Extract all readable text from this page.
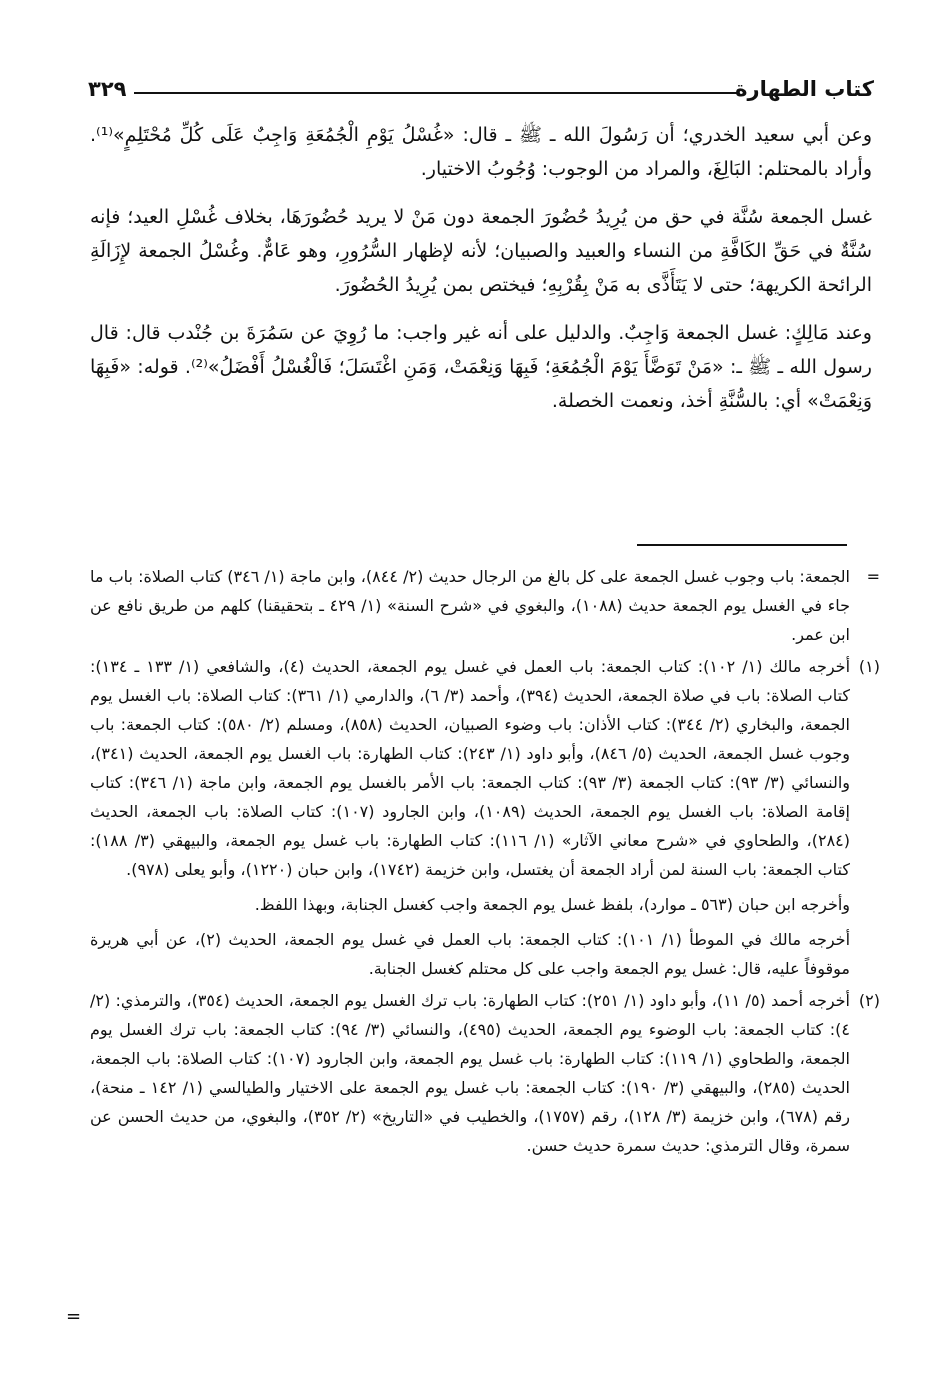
كتاب الطهارة
٣٢٩

وعن أبي سعيد الخدري؛ أن رَسُولَ الله ـ ﷺ ـ قال: «غُسْلُ يَوْمِ الْجُمُعَةِ وَاجِبٌ عَلَى كُلِّ مُحْتَلِمٍ»⁽¹⁾. وأراد بالمحتلم: البَالِغَ، والمراد من الوجوب: وُجُوبُ الاختيار.

غسل الجمعة سُنَّة في حق من يُرِيدُ حُضُورَ الجمعة دون مَنْ لا يريد حُضُورَهَا، بخلاف غُسْلِ العيد؛ فإنه سُنَّةٌ في حَقِّ الكَافَّةِ من النساء والعبيد والصبيان؛ لأنه لإظهار السُّرُورِ، وهو عَامٌّ. وغُسْلُ الجمعة لإِزَالَةِ الرائحة الكريهة؛ حتى لا يَتَأَذَّى به مَنْ بِقُرْبِهِ؛ فيختص بمن يُرِيدُ الحُضُورَ.

وعند مَالِكٍ: غسل الجمعة وَاجِبٌ. والدليل على أنه غير واجب: ما رُوِيَ عن سَمُرَةَ بن جُنْدب قال: قال رسول الله ـ ﷺ ـ: «مَنْ تَوَضَّأَ يَوْمَ الْجُمُعَةِ؛ فَبِهَا وَنِعْمَتْ، وَمَنِ اغْتَسَلَ؛ فَالْغُسْلُ أَفْضَلُ»⁽²⁾. قوله: «فَبِهَا وَنِعْمَتْ» أي: بالسُّنَّةِ أخذ، ونعمت الخصلة.

=
الجمعة: باب وجوب غسل الجمعة على كل بالغ من الرجال حديث (٢/ ٨٤٤)، وابن ماجة (١/ ٣٤٦) كتاب الصلاة: باب ما جاء في الغسل يوم الجمعة حديث (١٠٨٨)، والبغوي في «شرح السنة» (١/ ٤٢٩ ـ بتحقيقنا) كلهم من طريق نافع عن ابن عمر.
(١)
أخرجه مالك (١/ ١٠٢): كتاب الجمعة: باب العمل في غسل يوم الجمعة، الحديث (٤)، والشافعي (١/ ١٣٣ ـ ١٣٤): كتاب الصلاة: باب في صلاة الجمعة، الحديث (٣٩٤)، وأحمد (٣/ ٦)، والدارمي (١/ ٣٦١): كتاب الصلاة: باب الغسل يوم الجمعة، والبخاري (٢/ ٣٤٤): كتاب الأذان: باب وضوء الصبيان، الحديث (٨٥٨)، ومسلم (٢/ ٥٨٠): كتاب الجمعة: باب وجوب غسل الجمعة، الحديث (٥/ ٨٤٦)، وأبو داود (١/ ٢٤٣): كتاب الطهارة: باب الغسل يوم الجمعة، الحديث (٣٤١)، والنسائي (٣/ ٩٣): كتاب الجمعة (٣/ ٩٣): كتاب الجمعة: باب الأمر بالغسل يوم الجمعة، وابن ماجة (١/ ٣٤٦): كتاب إقامة الصلاة: باب الغسل يوم الجمعة، الحديث (١٠٨٩)، وابن الجارود (١٠٧): كتاب الصلاة: باب الجمعة، الحديث (٢٨٤)، والطحاوي في «شرح معاني الآثار» (١/ ١١٦): كتاب الطهارة: باب غسل يوم الجمعة، والبيهقي (٣/ ١٨٨): كتاب الجمعة: باب السنة لمن أراد الجمعة أن يغتسل، وابن خزيمة (١٧٤٢)، وابن حبان (١٢٢٠)، وأبو يعلى (٩٧٨).

وأخرجه ابن حبان (٥٦٣ ـ موارد)، بلفظ غسل يوم الجمعة واجب كغسل الجنابة، وبهذا اللفظ.

أخرجه مالك في الموطأ (١/ ١٠١): كتاب الجمعة: باب العمل في غسل يوم الجمعة، الحديث (٢)، عن أبي هريرة موقوفاً عليه، قال: غسل يوم الجمعة واجب على كل محتلم كغسل الجنابة.

(٢)
أخرجه أحمد (٥/ ١١)، وأبو داود (١/ ٢٥١): كتاب الطهارة: باب ترك الغسل يوم الجمعة، الحديث (٣٥٤)، والترمذي: (٢/ ٤): كتاب الجمعة: باب الوضوء يوم الجمعة، الحديث (٤٩٥)، والنسائي (٣/ ٩٤): كتاب الجمعة: باب ترك الغسل يوم الجمعة، والطحاوي (١/ ١١٩): كتاب الطهارة: باب غسل يوم الجمعة، وابن الجارود (١٠٧): كتاب الصلاة: باب الجمعة، الحديث (٢٨٥)، والبيهقي (٣/ ١٩٠): كتاب الجمعة: باب غسل يوم الجمعة على الاختيار والطيالسي (١/ ١٤٢ ـ منحة)، رقم (٦٧٨)، وابن خزيمة (٣/ ١٢٨)، رقم (١٧٥٧)، والخطيب في «التاريخ» (٢/ ٣٥٢)، والبغوي، من حديث الحسن عن سمرة، وقال الترمذي: حديث سمرة حديث حسن.
=
